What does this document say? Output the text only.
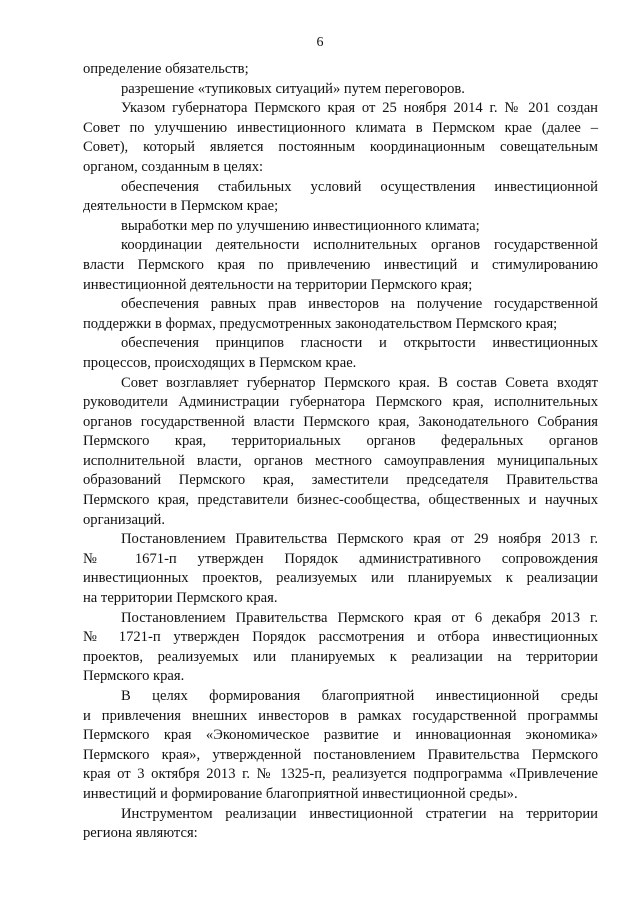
6
определение обязательств;
разрешение «тупиковых ситуаций» путем переговоров.
Указом губернатора Пермского края от 25 ноября 2014 г. № 201 создан
Совет по улучшению инвестиционного климата в Пермском крае (далее –
Совет), который является постоянным координационным совещательным
органом, созданным в целях:
обеспечения стабильных условий осуществления инвестиционной
деятельности в Пермском крае;
выработки мер по улучшению инвестиционного климата;
координации деятельности исполнительных органов государственной
власти Пермского края по привлечению инвестиций и стимулированию
инвестиционной деятельности на территории Пермского края;
обеспечения равных прав инвесторов на получение государственной
поддержки в формах, предусмотренных законодательством Пермского края;
обеспечения принципов гласности и открытости инвестиционных
процессов, происходящих в Пермском крае.
Совет возглавляет губернатор Пермского края. В состав Совета входят
руководители Администрации губернатора Пермского края, исполнительных
органов государственной власти Пермского края, Законодательного Собрания
Пермского края, территориальных органов федеральных органов
исполнительной власти, органов местного самоуправления муниципальных
образований Пермского края, заместители председателя Правительства
Пермского края, представители бизнес-сообщества, общественных и научных
организаций.
Постановлением Правительства Пермского края от 29 ноября 2013 г.
№ 1671-п утвержден Порядок административного сопровождения
инвестиционных проектов, реализуемых или планируемых к реализации
на территории Пермского края.
Постановлением Правительства Пермского края от 6 декабря 2013 г.
№ 1721-п утвержден Порядок рассмотрения и отбора инвестиционных
проектов, реализуемых или планируемых к реализации на территории
Пермского края.
В целях формирования благоприятной инвестиционной среды
и привлечения внешних инвесторов в рамках государственной программы
Пермского края «Экономическое развитие и инновационная экономика»
Пермского края», утвержденной постановлением Правительства Пермского
края от 3 октября 2013 г. № 1325-п, реализуется подпрограмма «Привлечение
инвестиций и формирование благоприятной инвестиционной среды».
Инструментом реализации инвестиционной стратегии на территории
региона являются:
